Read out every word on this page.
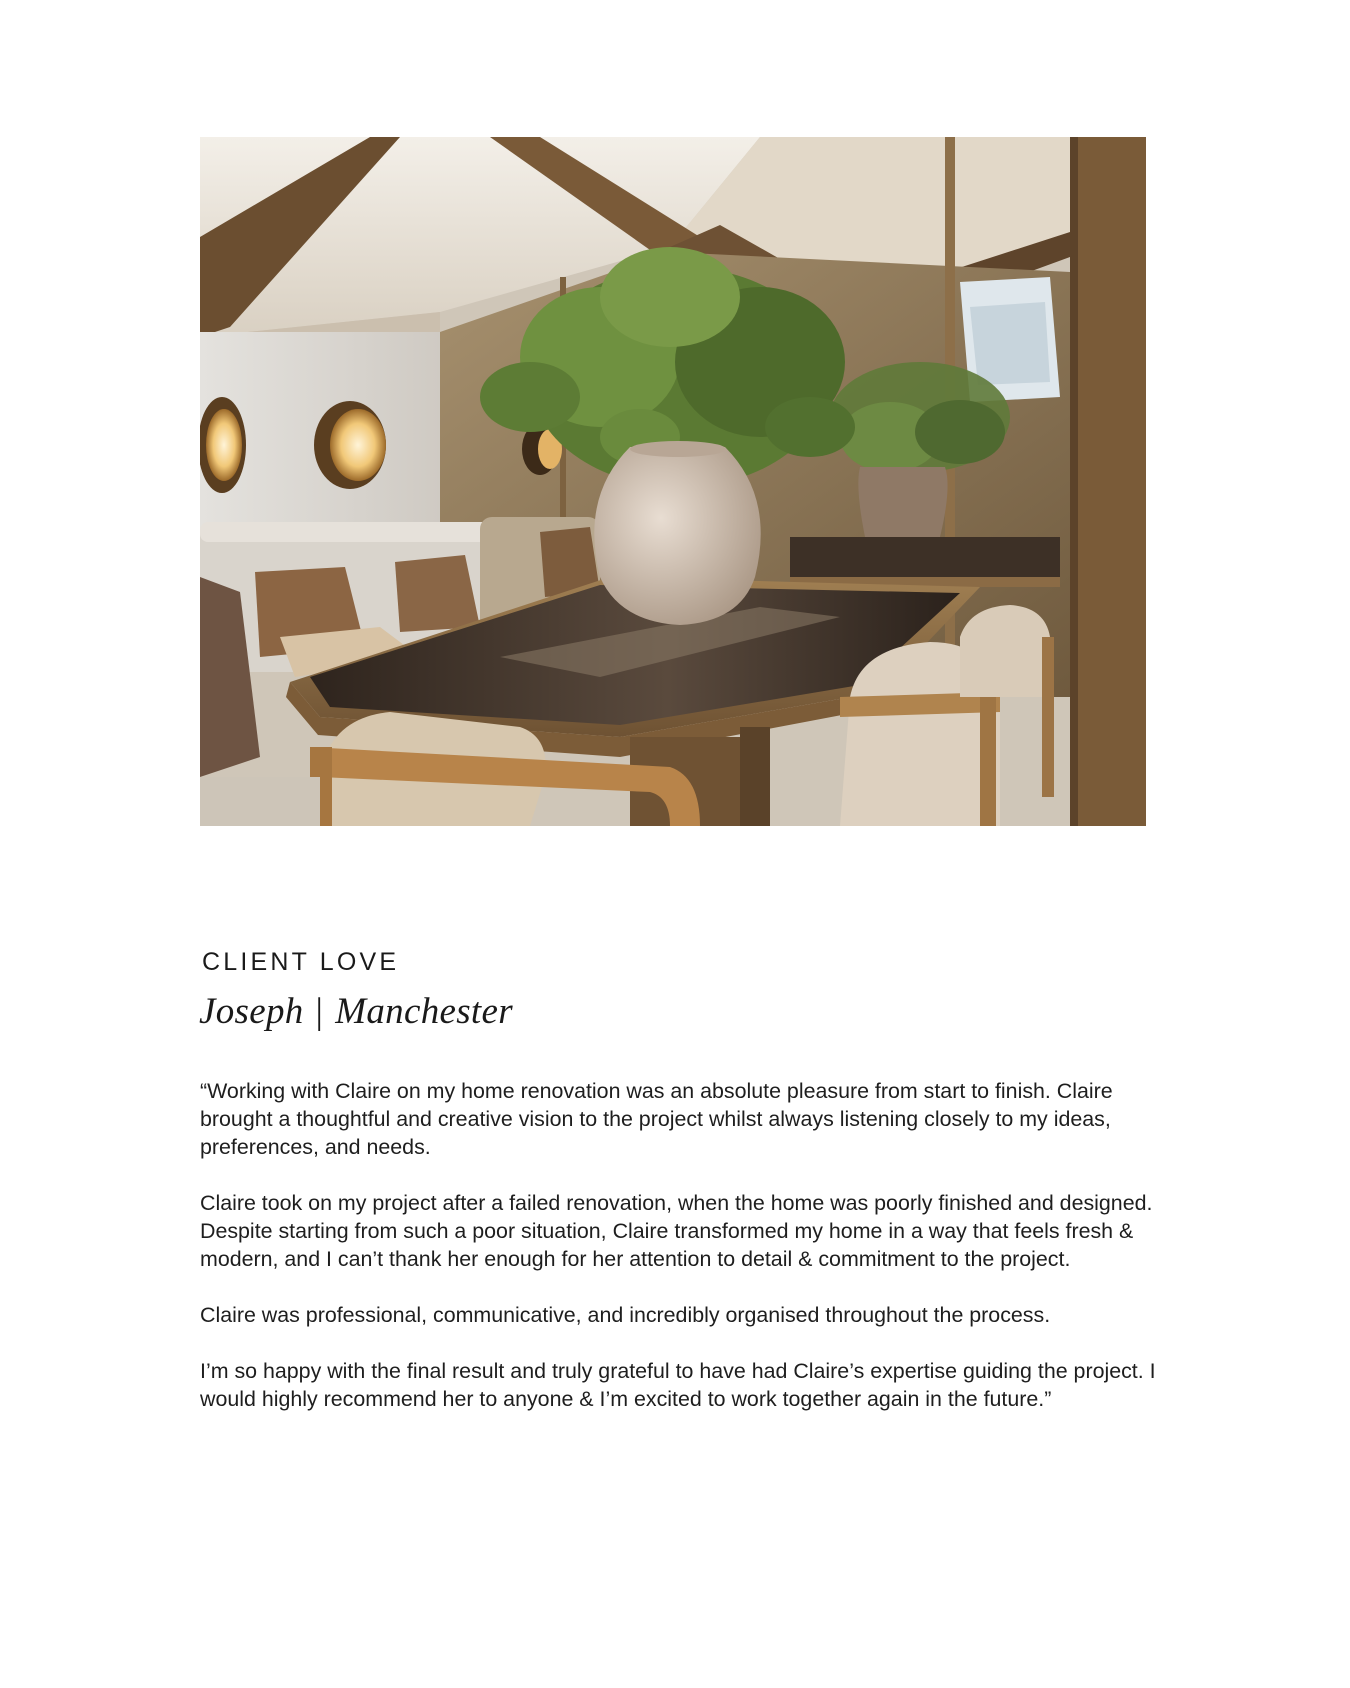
CLIENT LOVE
Joseph | Manchester

“Working with Claire on my home renovation was an absolute pleasure from start to finish. Claire brought a thoughtful and creative vision to the project whilst always listening closely to my ideas, preferences, and needs.

Claire took on my project after a failed renovation, when the home was poorly finished and designed. Despite starting from such a poor situation, Claire transformed my home in a way that feels fresh & modern, and I can’t thank her enough for her attention to detail & commitment to the project.

Claire was professional, communicative, and incredibly organised throughout the process.

I’m so happy with the final result and truly grateful to have had Claire’s expertise guiding the project. I would highly recommend her to anyone & I’m excited to work together again in the future.”
